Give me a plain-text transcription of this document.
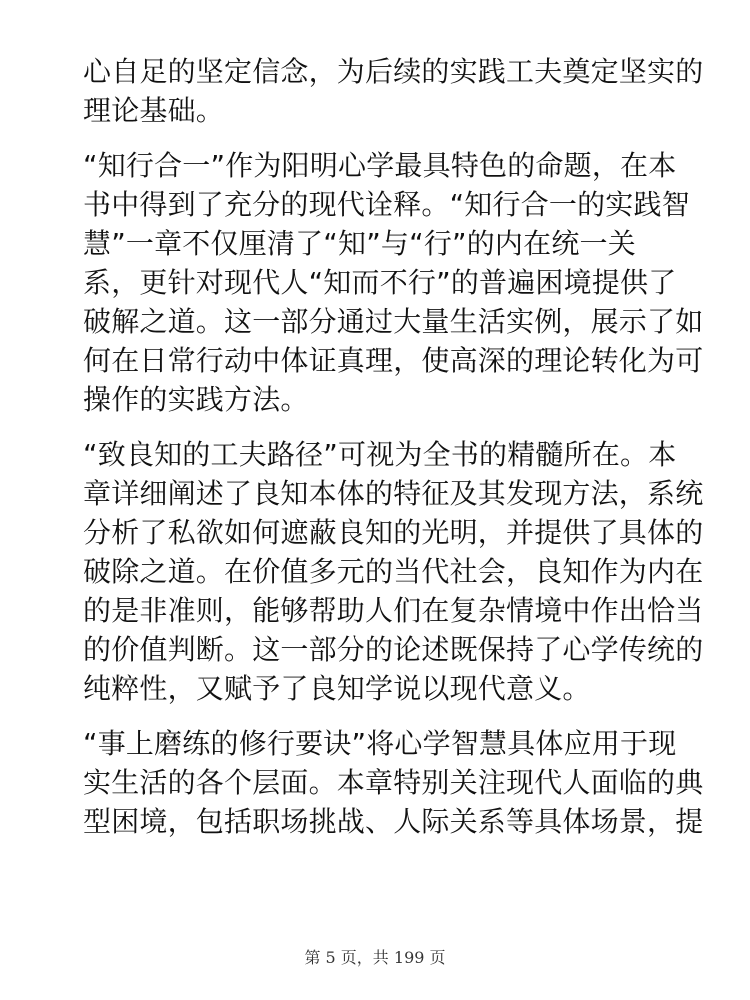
心自足的坚定信念，为后续的实践工夫奠定坚实的
理论基础。
“知行合一”作为阳明心学最具特色的命题，在本
书中得到了充分的现代诠释。“知行合一的实践智
慧”一章不仅厘清了“知”与“行”的内在统一关
系，更针对现代人“知而不行”的普遍困境提供了
破解之道。这一部分通过大量生活实例，展示了如
何在日常行动中体证真理，使高深的理论转化为可
操作的实践方法。
“致良知的工夫路径”可视为全书的精髓所在。本
章详细阐述了良知本体的特征及其发现方法，系统
分析了私欲如何遮蔽良知的光明，并提供了具体的
破除之道。在价值多元的当代社会，良知作为内在
的是非准则，能够帮助人们在复杂情境中作出恰当
的价值判断。这一部分的论述既保持了心学传统的
纯粹性，又赋予了良知学说以现代意义。
“事上磨练的修行要诀”将心学智慧具体应用于现
实生活的各个层面。本章特别关注现代人面临的典
型困境，包括职场挑战、人际关系等具体场景，提
第 5 页，共 199 页
